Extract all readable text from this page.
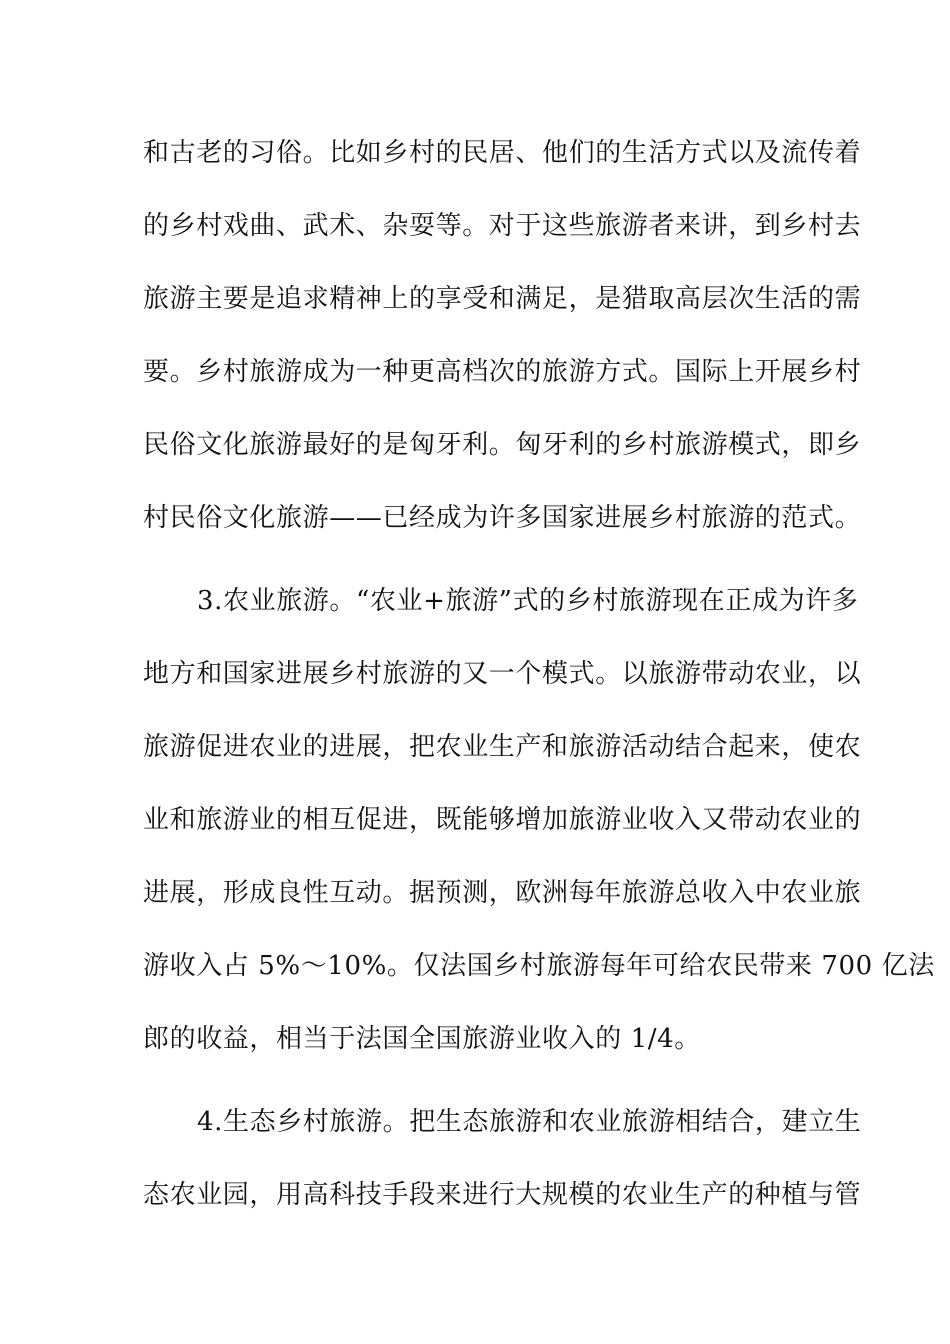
和古老的习俗。比如乡村的民居、他们的生活方式以及流传着
的乡村戏曲、武术、杂耍等。对于这些旅游者来讲，到乡村去
旅游主要是追求精神上的享受和满足，是猎取高层次生活的需
要。乡村旅游成为一种更高档次的旅游方式。国际上开展乡村
民俗文化旅游最好的是匈牙利。匈牙利的乡村旅游模式，即乡
村民俗文化旅游——已经成为许多国家进展乡村旅游的范式。
3.农业旅游。“农业+旅游”式的乡村旅游现在正成为许多
地方和国家进展乡村旅游的又一个模式。以旅游带动农业，以
旅游促进农业的进展，把农业生产和旅游活动结合起来，使农
业和旅游业的相互促进，既能够增加旅游业收入又带动农业的
进展，形成良性互动。据预测，欧洲每年旅游总收入中农业旅
游收入占 5%～10%。仅法国乡村旅游每年可给农民带来 700 亿法
郎的收益，相当于法国全国旅游业收入的 1/4。
4.生态乡村旅游。把生态旅游和农业旅游相结合，建立生
态农业园，用高科技手段来进行大规模的农业生产的种植与管
